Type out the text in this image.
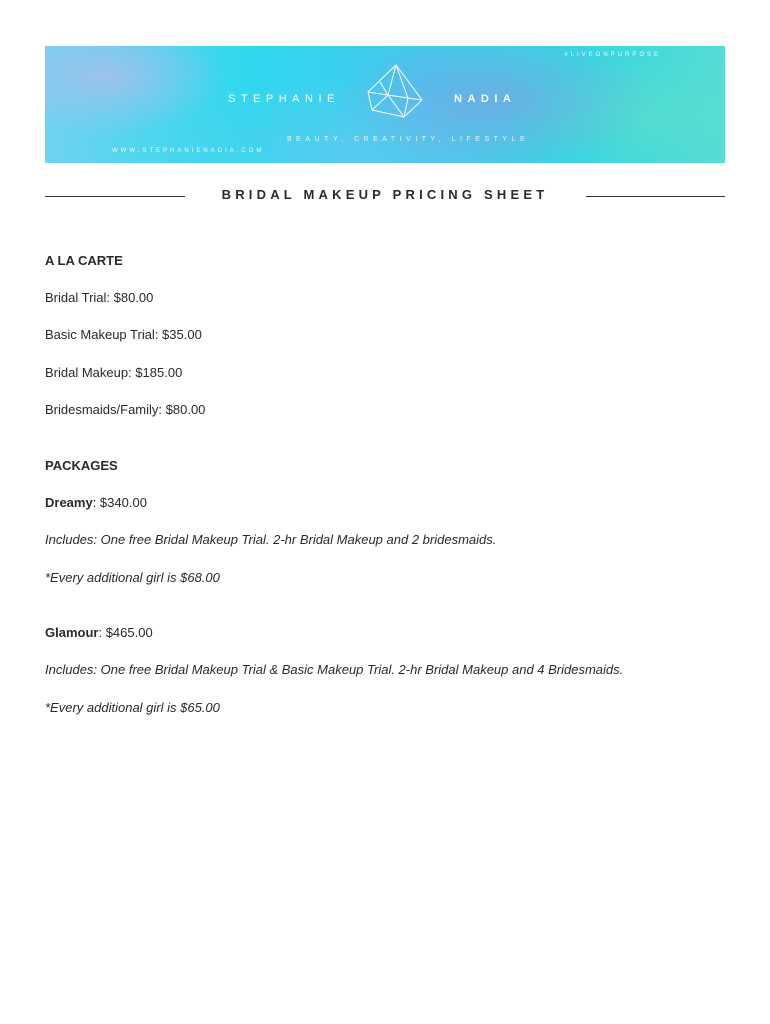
#LIVEONPURPOSE
STEPHANIE	NADIA
BEAUTY, CREATIVITY, LIFESTYLE
WWW.STEPHANIENADIA.COM
BRIDAL MAKEUP PRICING SHEET
A LA CARTE
Bridal Trial: $80.00
Basic Makeup Trial: $35.00
Bridal Makeup: $185.00
Bridesmaids/Family: $80.00
PACKAGES
Dreamy: $340.00
Includes: One free Bridal Makeup Trial. 2-hr Bridal Makeup and 2 bridesmaids.
*Every additional girl is $68.00
Glamour: $465.00
Includes: One free Bridal Makeup Trial & Basic Makeup Trial. 2-hr Bridal Makeup and 4 Bridesmaids.
*Every additional girl is $65.00
